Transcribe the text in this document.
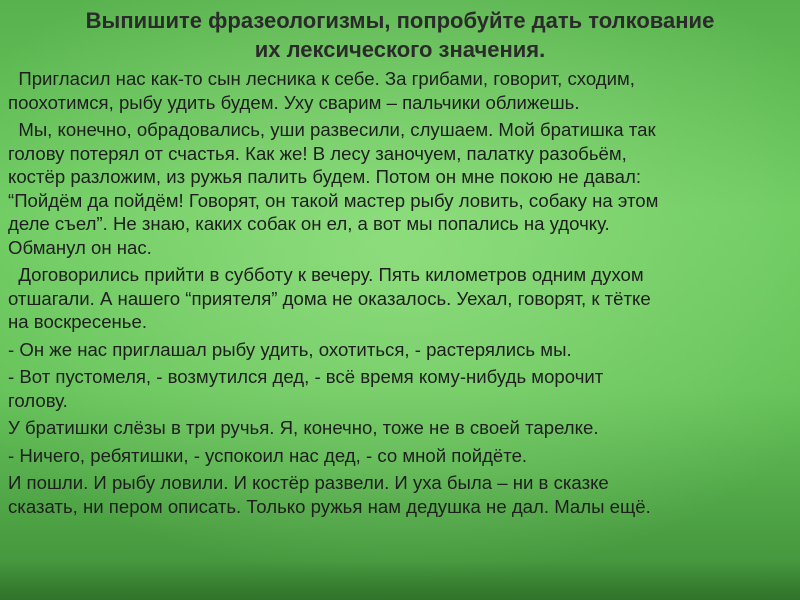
Выпишите фразеологизмы, попробуйте дать толкование
их лексического значения.

Пригласил нас как-то сын лесника к себе. За грибами, говорит, сходим,
поохотимся, рыбу удить будем. Уху сварим – пальчики оближешь.

Мы, конечно, обрадовались, уши развесили, слушаем. Мой братишка так
голову потерял от счастья. Как же! В лесу заночуем, палатку разобьём,
костёр разложим, из ружья палить будем. Потом он мне покою не давал:
“Пойдём да пойдём! Говорят, он такой мастер рыбу ловить, собаку на этом
деле съел”. Не знаю, каких собак он ел, а вот мы попались на удочку.
Обманул он нас.

Договорились прийти в субботу к вечеру. Пять километров одним духом
отшагали. А нашего “приятеля” дома не оказалось. Уехал, говорят, к тётке
на воскресенье.

- Он же нас приглашал рыбу удить, охотиться, - растерялись мы.

- Вот пустомеля, - возмутился дед, - всё время кому-нибудь морочит
голову.

У братишки слёзы в три ручья. Я, конечно, тоже не в своей тарелке.

- Ничего, ребятишки, - успокоил нас дед, - со мной пойдёте.

И пошли. И рыбу ловили. И костёр развели. И уха была – ни в сказке
сказать, ни пером описать. Только ружья нам дедушка не дал. Малы ещё.
